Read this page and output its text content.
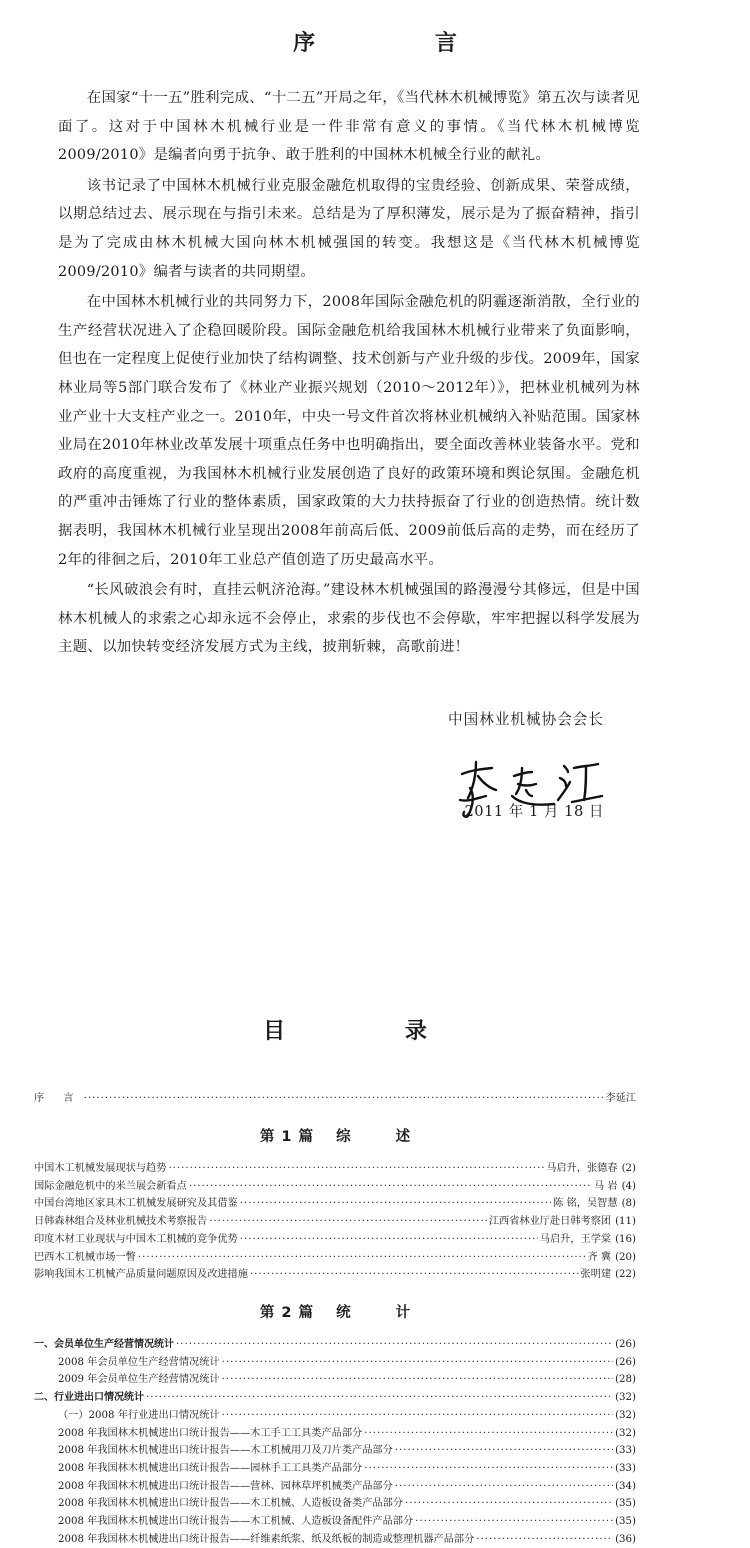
序 言

在国家“十一五”胜利完成、“十二五”开局之年，《当代林木机械博览》第五次与读者见面了。这对于中国林木机械行业是一件非常有意义的事情。《当代林木机械博览2009/2010》是编者向勇于抗争、敢于胜利的中国林木机械全行业的献礼。

该书记录了中国林木机械行业克服金融危机取得的宝贵经验、创新成果、荣誉成绩，以期总结过去、展示现在与指引未来。总结是为了厚积薄发，展示是为了振奋精神，指引是为了完成由林木机械大国向林木机械强国的转变。我想这是《当代林木机械博览2009/2010》编者与读者的共同期望。

在中国林木机械行业的共同努力下，2008年国际金融危机的阴霾逐渐消散，全行业的生产经营状况进入了企稳回暖阶段。国际金融危机给我国林木机械行业带来了负面影响，但也在一定程度上促使行业加快了结构调整、技术创新与产业升级的步伐。2009年，国家林业局等5部门联合发布了《林业产业振兴规划（2010～2012年）》，把林业机械列为林业产业十大支柱产业之一。2010年，中央一号文件首次将林业机械纳入补贴范围。国家林业局在2010年林业改革发展十项重点任务中也明确指出，要全面改善林业装备水平。党和政府的高度重视，为我国林木机械行业发展创造了良好的政策环境和舆论氛围。金融危机的严重冲击锤炼了行业的整体素质，国家政策的大力扶持振奋了行业的创造热情。统计数据表明，我国林木机械行业呈现出2008年前高后低、2009前低后高的走势，而在经历了2年的徘徊之后，2010年工业总产值创造了历史最高水平。

“长风破浪会有时，直挂云帆济沧海。”建设林木机械强国的路漫漫兮其修远，但是中国林木机械人的求索之心却永远不会停止，求索的步伐也不会停歇，牢牢把握以科学发展为主题、以加快转变经济发展方式为主线，披荆斩棘，高歌前进！

中国林业机械协会会长
2011 年 1 月 18 日
目 录
序 言 ·····	李延江
第 1 篇 综 述
中国木工机械发展现状与趋势 ·····	马启升，张德春 (2)
国际金融危机中的米兰展会新看点 ·····	马 岩 (4)
中国台湾地区家具木工机械发展研究及其借鉴 ·····	陈 铭，吴智慧 (8)
日韩森林组合及林业机械技术考察报告 ·····	江西省林业厅赴日韩考察团 (11)
印度木材工业现状与中国木工机械的竞争优势 ·····	马启升，王学棠 (16)
巴西木工机械市场一瞥 ·····	齐 冀 (20)
影响我国木工机械产品质量问题原因及改进措施 ·····	张明建 (22)
第 2 篇 统 计
一、会员单位生产经营情况统计 ·····	(26)
2008 年会员单位生产经营情况统计 ·····	(26)
2009 年会员单位生产经营情况统计 ·····	(28)
二、行业进出口情况统计 ·····	(32)
（一）2008 年行业进出口情况统计 ·····	(32)
2008 年我国林木机械进出口统计报告——木工手工工具类产品部分 ·····	(32)
2008 年我国林木机械进出口统计报告——木工机械用刀及刀片类产品部分 ·····	(33)
2008 年我国林木机械进出口统计报告——园林手工工具类产品部分 ·····	(33)
2008 年我国林木机械进出口统计报告——营林、园林草坪机械类产品部分 ·····	(34)
2008 年我国林木机械进出口统计报告——木工机械、人造板设备类产品部分 ·····	(35)
2008 年我国林木机械进出口统计报告——木工机械、人造板设备配件产品部分 ·····	(35)
2008 年我国林木机械进出口统计报告——纤维素纸浆、纸及纸板的制造或整理机器产品部分 ·····	(36)
